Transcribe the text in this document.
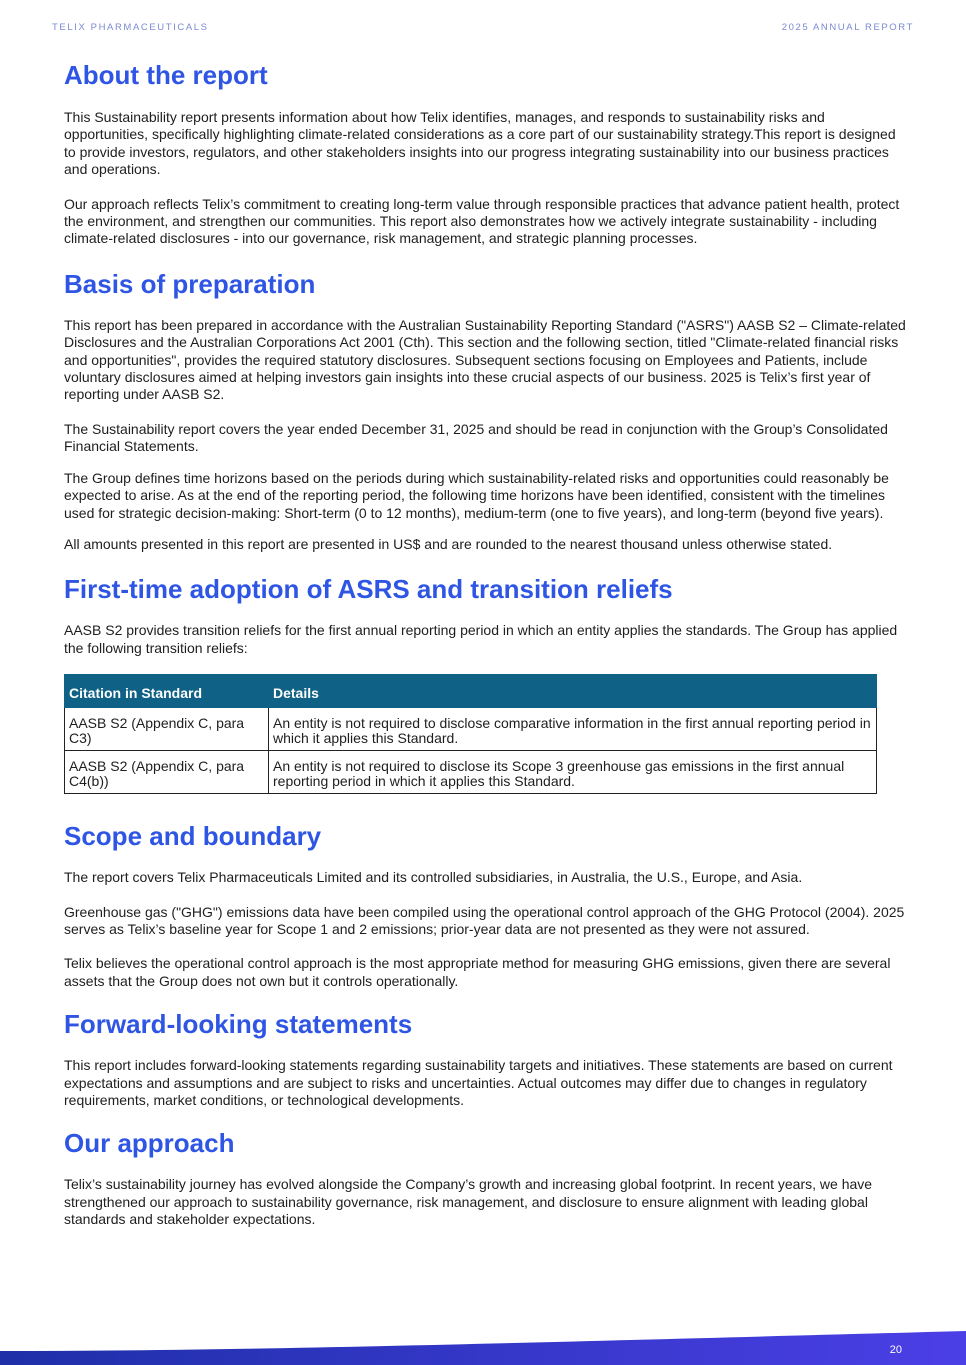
TELIX PHARMACEUTICALS	2025 ANNUAL REPORT
About the report

This Sustainability report presents information about how Telix identifies, manages, and responds to sustainability risks and opportunities, specifically highlighting climate-related considerations as a core part of our sustainability strategy.This report is designed to provide investors, regulators, and other stakeholders insights into our progress integrating sustainability into our business practices and operations.

Our approach reflects Telix’s commitment to creating long-term value through responsible practices that advance patient health, protect the environment, and strengthen our communities. This report also demonstrates how we actively integrate sustainability - including climate-related disclosures - into our governance, risk management, and strategic planning processes.

Basis of preparation

This report has been prepared in accordance with the Australian Sustainability Reporting Standard ("ASRS") AASB S2 – Climate-related Disclosures and the Australian Corporations Act 2001 (Cth). This section and the following section, titled "Climate-related financial risks and opportunities", provides the required statutory disclosures. Subsequent sections focusing on Employees and Patients, include voluntary disclosures aimed at helping investors gain insights into these crucial aspects of our business. 2025 is Telix’s first year of reporting under AASB S2.

The Sustainability report covers the year ended December 31, 2025 and should be read in conjunction with the Group’s Consolidated Financial Statements.

The Group defines time horizons based on the periods during which sustainability-related risks and opportunities could reasonably be expected to arise. As at the end of the reporting period, the following time horizons have been identified, consistent with the timelines used for strategic decision-making: Short-term (0 to 12 months), medium-term (one to five years), and long-term (beyond five years).

All amounts presented in this report are presented in US$ and are rounded to the nearest thousand unless otherwise stated.

First-time adoption of ASRS and transition reliefs

AASB S2 provides transition reliefs for the first annual reporting period in which an entity applies the standards. The Group has applied the following transition reliefs:

Citation in Standard	Details
AASB S2 (Appendix C, para C3)	An entity is not required to disclose comparative information in the first annual reporting period in which it applies this Standard.
AASB S2 (Appendix C, para C4(b))	An entity is not required to disclose its Scope 3 greenhouse gas emissions in the first annual reporting period in which it applies this Standard.
Scope and boundary

The report covers Telix Pharmaceuticals Limited and its controlled subsidiaries, in Australia, the U.S., Europe, and Asia.

Greenhouse gas ("GHG") emissions data have been compiled using the operational control approach of the GHG Protocol (2004). 2025 serves as Telix’s baseline year for Scope 1 and 2 emissions; prior-year data are not presented as they were not assured.

Telix believes the operational control approach is the most appropriate method for measuring GHG emissions, given there are several assets that the Group does not own but it controls operationally.

Forward-looking statements

This report includes forward-looking statements regarding sustainability targets and initiatives. These statements are based on current expectations and assumptions and are subject to risks and uncertainties. Actual outcomes may differ due to changes in regulatory requirements, market conditions, or technological developments.

Our approach

Telix’s sustainability journey has evolved alongside the Company’s growth and increasing global footprint. In recent years, we have strengthened our approach to sustainability governance, risk management, and disclosure to ensure alignment with leading global standards and stakeholder expectations.

20
